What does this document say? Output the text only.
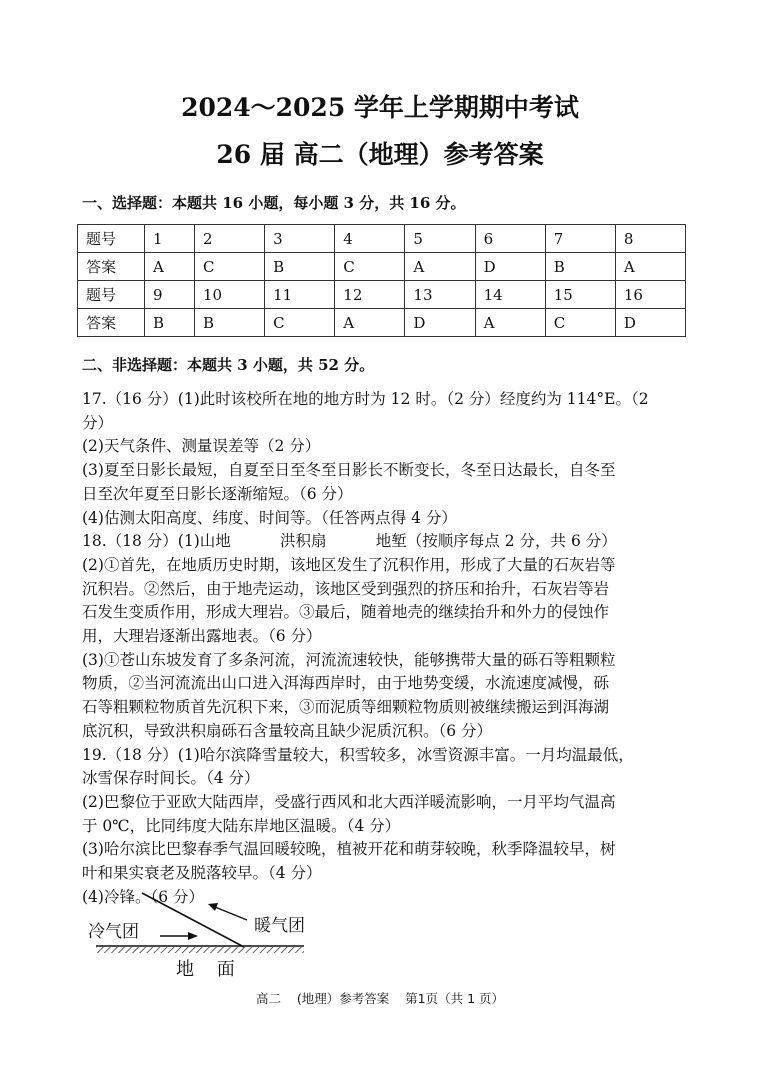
2024～2025 学年上学期期中考试
26 届 高二（地理）参考答案
一、选择题：本题共 16 小题，每小题 3 分，共 16 分。
题号	1	2	3	4	5	6	7	8
答案	A	C	B	C	A	D	B	A
题号	9	10	11	12	13	14	15	16
答案	B	B	C	A	D	A	C	D
二、非选择题：本题共 3 小题，共 52 分。

17.（16 分）(1)此时该校所在地的地方时为 12 时。（2 分）经度约为 114°E。（2

分）

(2)天气条件、测量误差等（2 分）

(3)夏至日影长最短，自夏至日至冬至日影长不断变长，冬至日达最长，自冬至

日至次年夏至日影长逐渐缩短。（6 分）

(4)估测太阳高度、纬度、时间等。（任答两点得 4 分）

18.（18 分）(1)山地          洪积扇          地堑（按顺序每点 2 分，共 6 分）

(2)①首先，在地质历史时期，该地区发生了沉积作用，形成了大量的石灰岩等

沉积岩。②然后，由于地壳运动，该地区受到强烈的挤压和抬升，石灰岩等岩

石发生变质作用，形成大理岩。③最后，随着地壳的继续抬升和外力的侵蚀作

用，大理岩逐渐出露地表。（6 分）

(3)①苍山东坡发育了多条河流，河流流速较快，能够携带大量的砾石等粗颗粒

物质，②当河流流出山口进入洱海西岸时，由于地势变缓，水流速度减慢，砾

石等粗颗粒物质首先沉积下来，③而泥质等细颗粒物质则被继续搬运到洱海湖

底沉积，导致洪积扇砾石含量较高且缺少泥质沉积。（6 分）

19.（18 分）(1)哈尔滨降雪量较大，积雪较多，冰雪资源丰富。一月均温最低，

冰雪保存时间长。（4 分）

(2)巴黎位于亚欧大陆西岸，受盛行西风和北大西洋暖流影响，一月平均气温高

于 0℃，比同纬度大陆东岸地区温暖。（4 分）

(3)哈尔滨比巴黎春季气温回暖较晚，植被开花和萌芽较晚，秋季降温较早，树

叶和果实衰老及脱落较早。（4 分）

(4)冷锋。（6 分）

冷气团	暖气团
地    面
高二    (地理）参考答案    第1页（共 1 页）
